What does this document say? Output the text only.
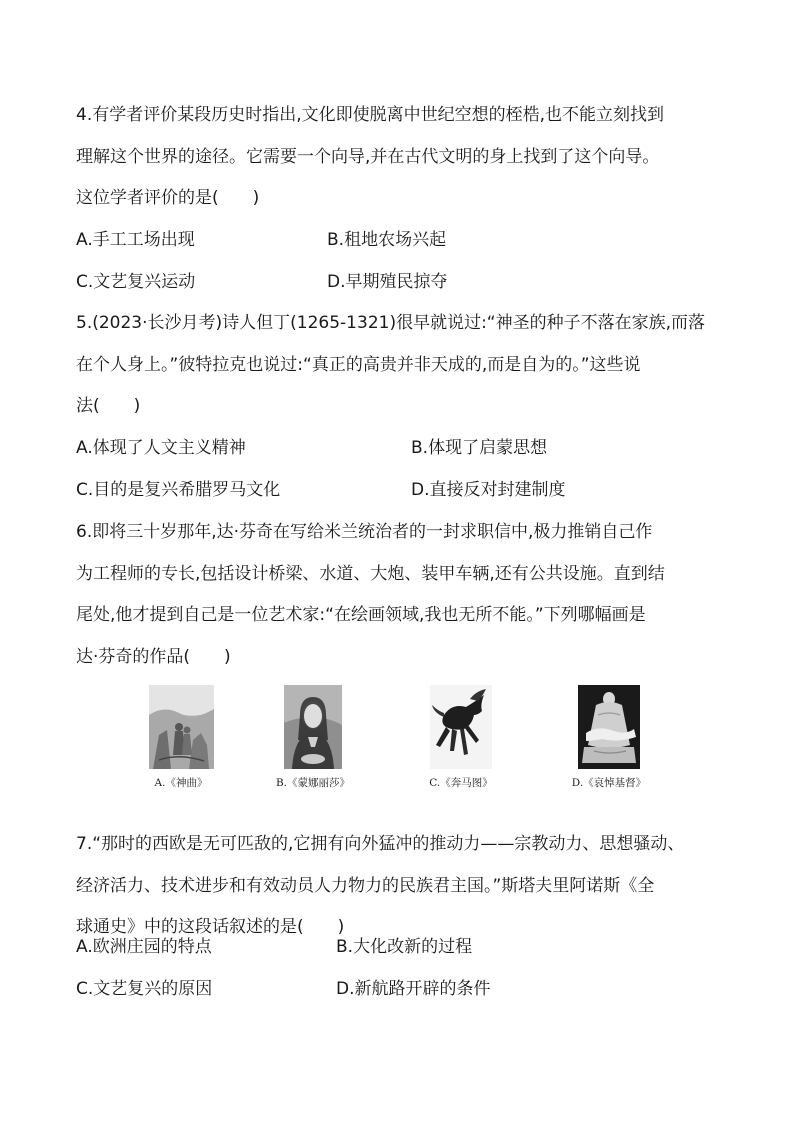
4.有学者评价某段历史时指出,文化即使脱离中世纪空想的桎梏,也不能立刻找到

理解这个世界的途径。它需要一个向导,并在古代文明的身上找到了这个向导。

这位学者评价的是(　　)

A.手工工场出现	B.租地农场兴起
C.文艺复兴运动	D.早期殖民掠夺

5.(2023·长沙月考)诗人但丁(1265-1321)很早就说过:“神圣的种子不落在家族,而落

在个人身上。”彼特拉克也说过:“真正的高贵并非天成的,而是自为的。”这些说

法(　　)

A.体现了人文主义精神	B.体现了启蒙思想
C.目的是复兴希腊罗马文化	D.直接反对封建制度

6.即将三十岁那年,达·芬奇在写给米兰统治者的一封求职信中,极力推销自己作

为工程师的专长,包括设计桥梁、水道、大炮、装甲车辆,还有公共设施。直到结

尾处,他才提到自己是一位艺术家:“在绘画领域,我也无所不能。”下列哪幅画是

达·芬奇的作品(　　)

A.《神曲》	B.《蒙娜丽莎》	C.《奔马图》	D.《哀悼基督》

7.“那时的西欧是无可匹敌的,它拥有向外猛冲的推动力——宗教动力、思想骚动、

经济活力、技术进步和有效动员人力物力的民族君主国。”斯塔夫里阿诺斯《全

球通史》中的这段话叙述的是(　　)

A.欧洲庄园的特点	B.大化改新的过程
C.文艺复兴的原因	D.新航路开辟的条件
